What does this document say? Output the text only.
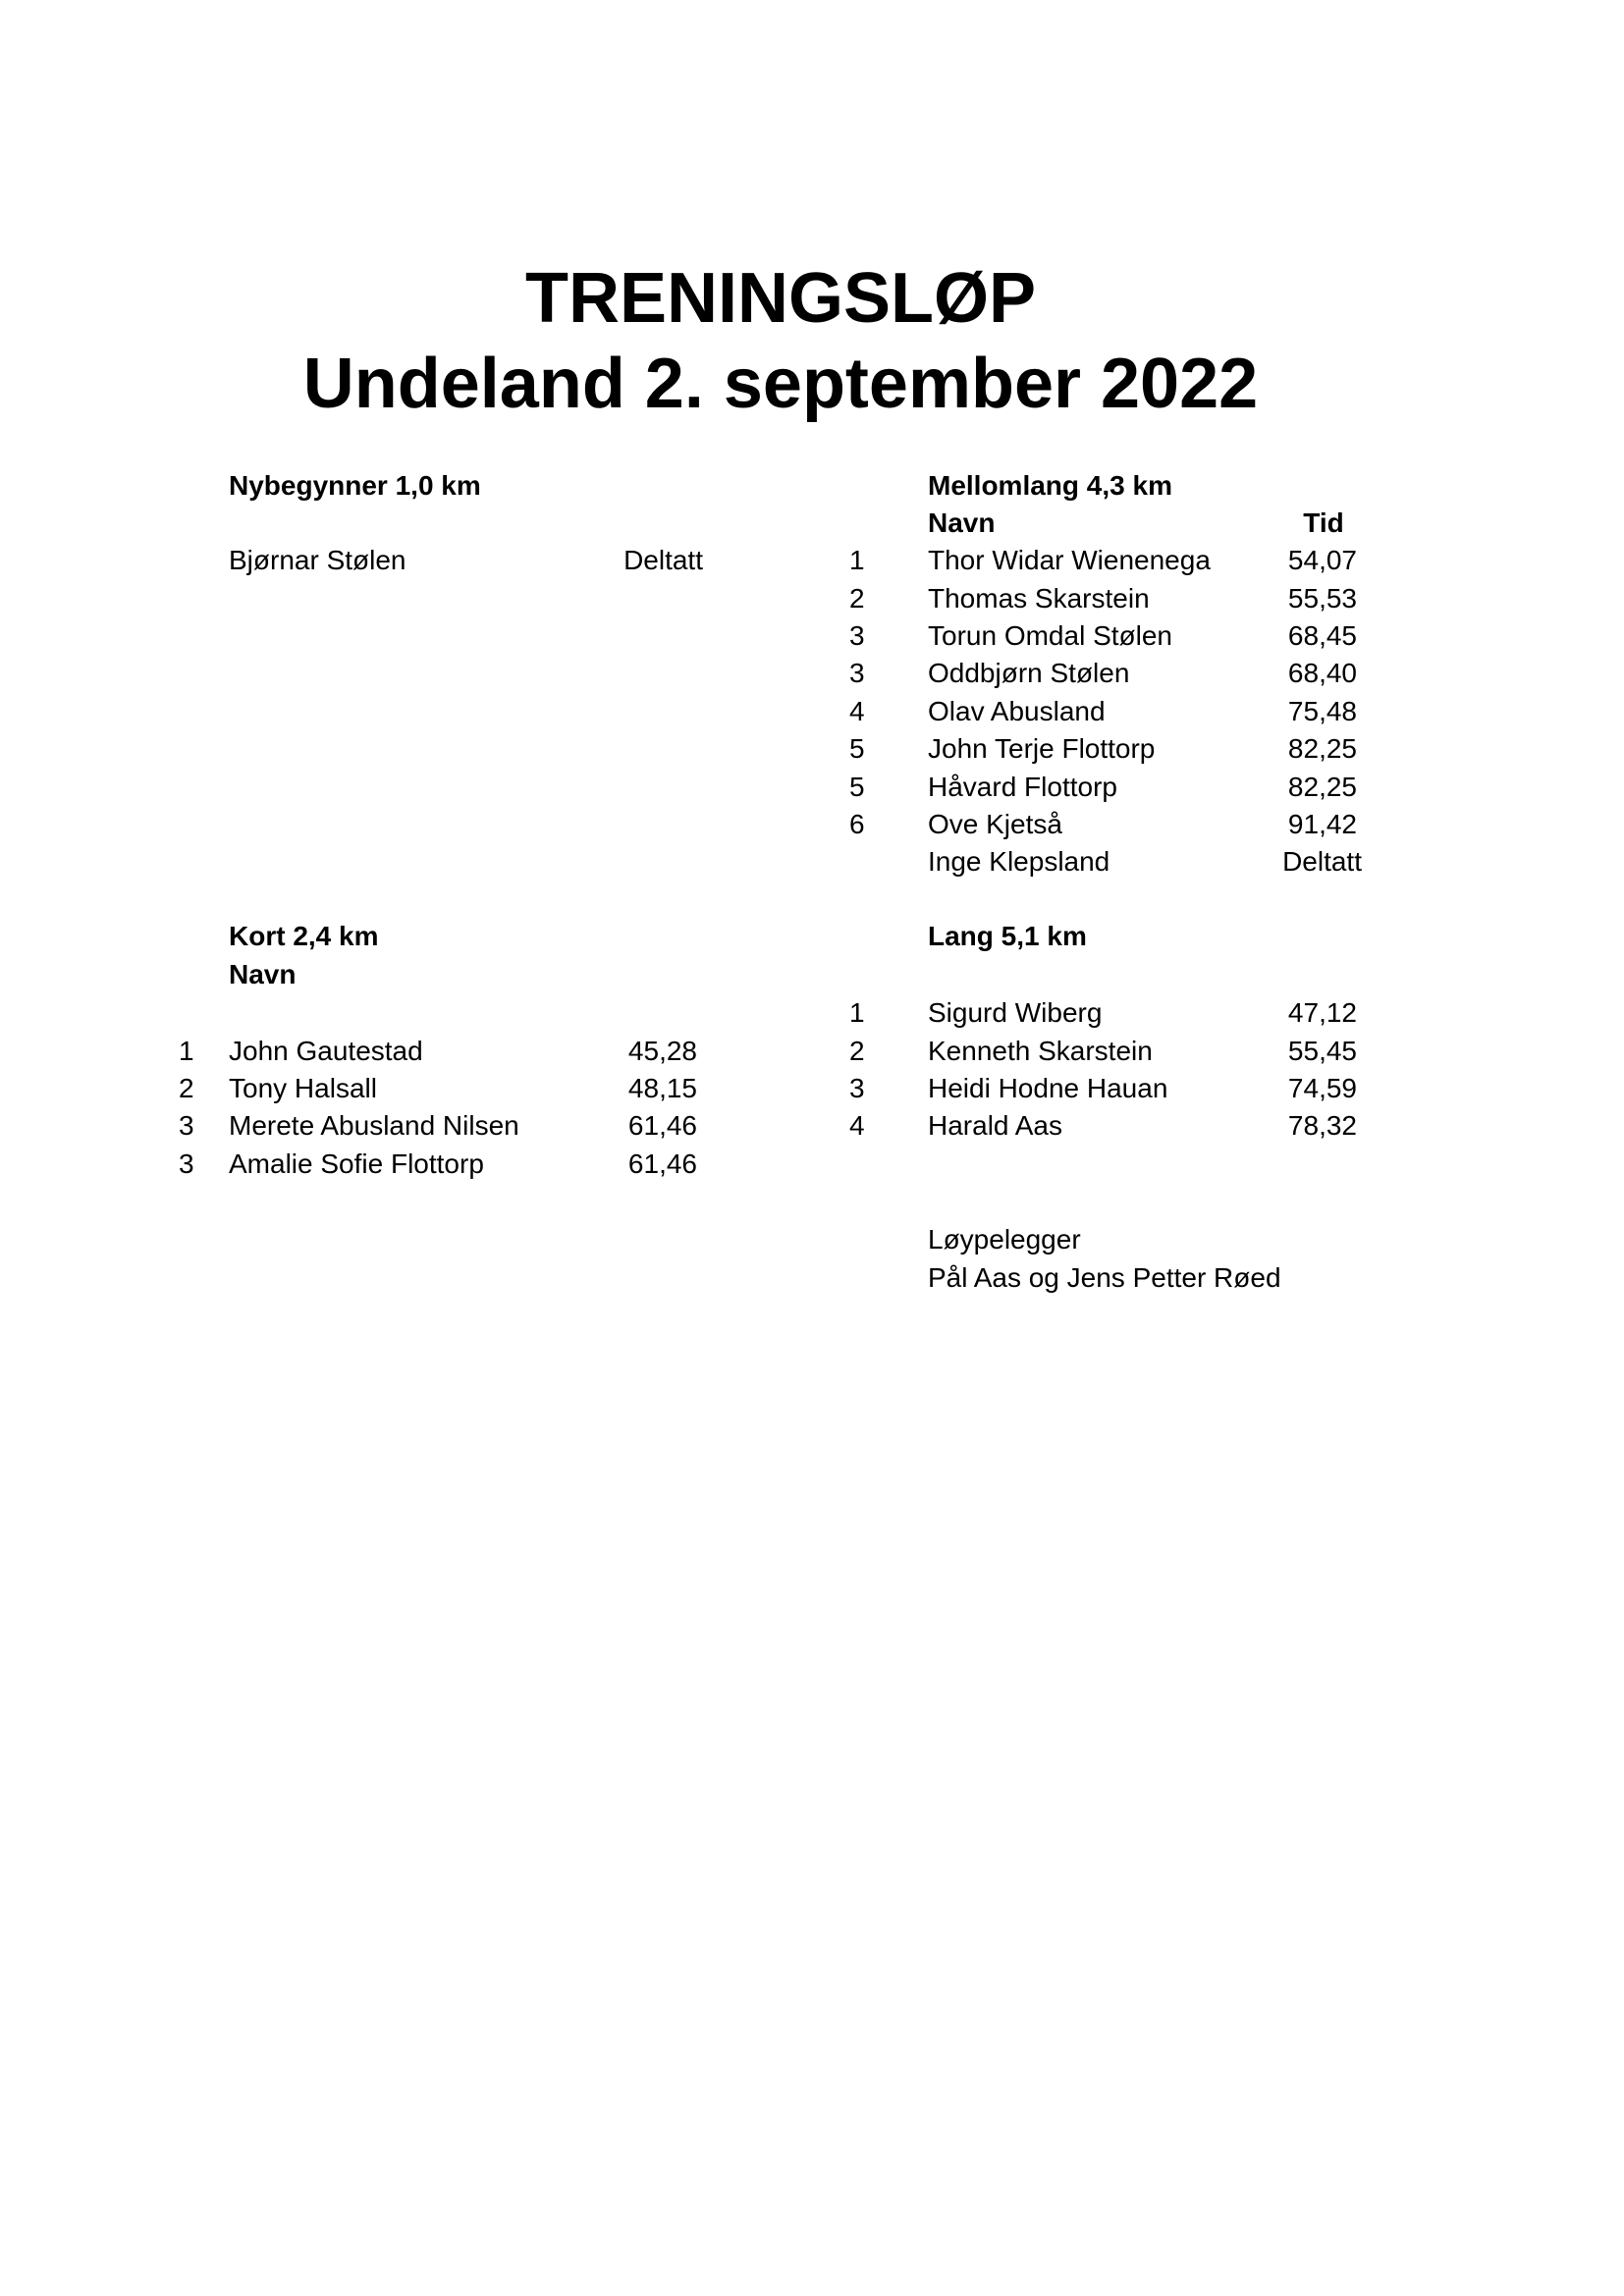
TRENINGSLØP
Undeland 2. september 2022
Nybegynner 1,0 km
Bjørnar Stølen	Deltatt
Mellomlang 4,3 km
Navn	Tid
1 Thor Widar Wienenega	54,07
2 Thomas Skarstein	55,53
3 Torun Omdal Stølen	68,45
3 Oddbjørn Stølen	68,40
4 Olav Abusland	75,48
5 John Terje Flottorp	82,25
5 Håvard Flottorp	82,25
6 Ove Kjetså	91,42
Inge Klepsland	Deltatt
Kort 2,4 km
Navn
1 John Gautestad	45,28
2 Tony Halsall	48,15
3 Merete Abusland Nilsen	61,46
3 Amalie Sofie Flottorp	61,46
Lang 5,1 km
1 Sigurd Wiberg	47,12
2 Kenneth Skarstein	55,45
3 Heidi Hodne Hauan	74,59
4 Harald Aas	78,32
Løypelegger
Pål Aas og Jens Petter Røed
